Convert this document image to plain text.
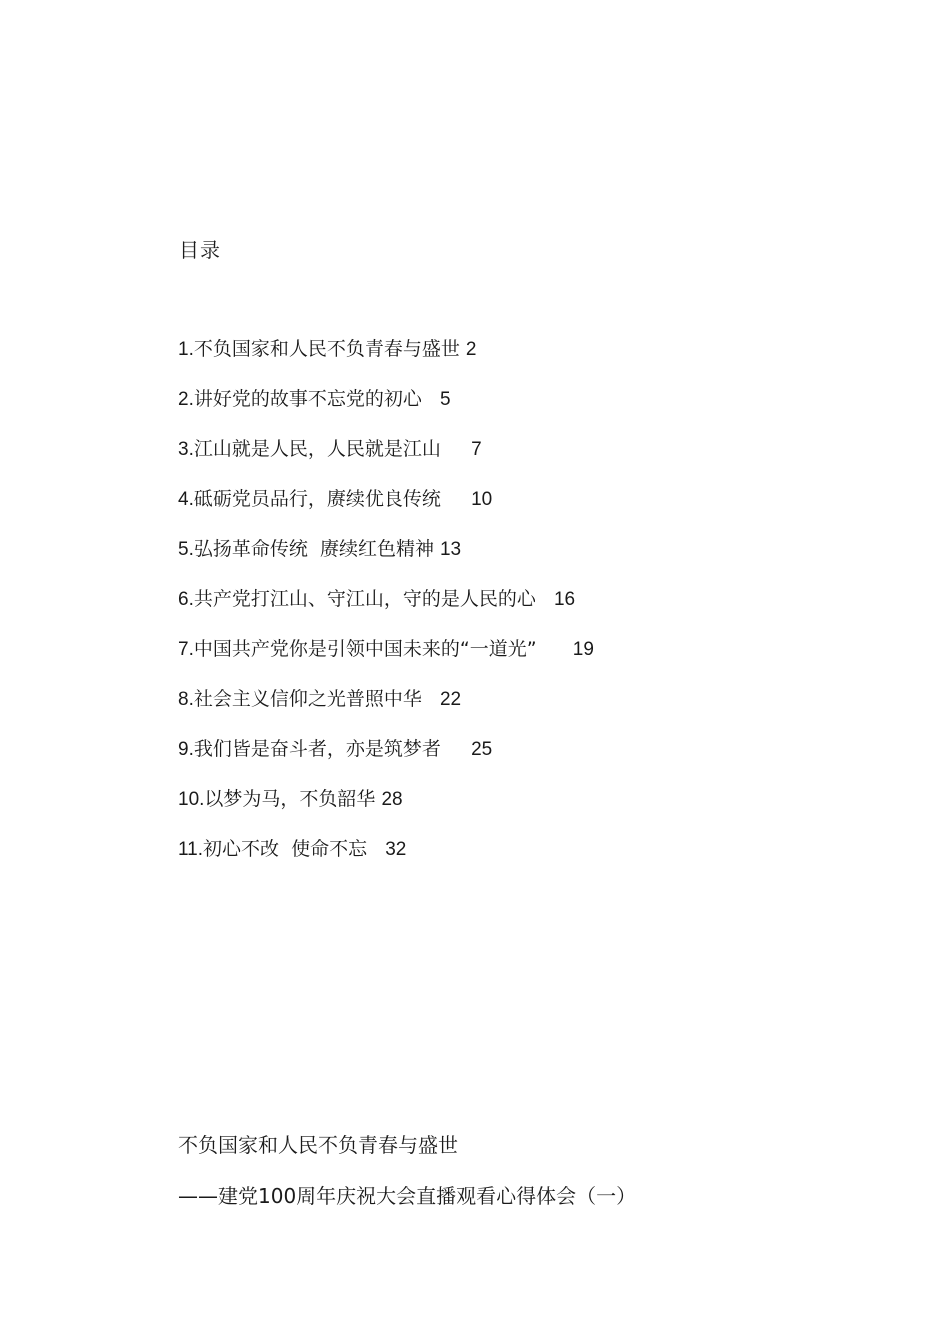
目录
1.不负国家和人民不负青春与盛世 2
2.讲好党的故事不忘党的初心   5
3.江山就是人民，人民就是江山     7
4.砥砺党员品行，赓续优良传统     10
5.弘扬革命传统  赓续红色精神 13
6.共产党打江山、守江山，守的是人民的心   16
7.中国共产党你是引领中国未来的“一道光”      19
8.社会主义信仰之光普照中华   22
9.我们皆是奋斗者，亦是筑梦者     25
10.以梦为马，不负韶华 28
11.初心不改  使命不忘   32
不负国家和人民不负青春与盛世
——建党100周年庆祝大会直播观看心得体会（一）
